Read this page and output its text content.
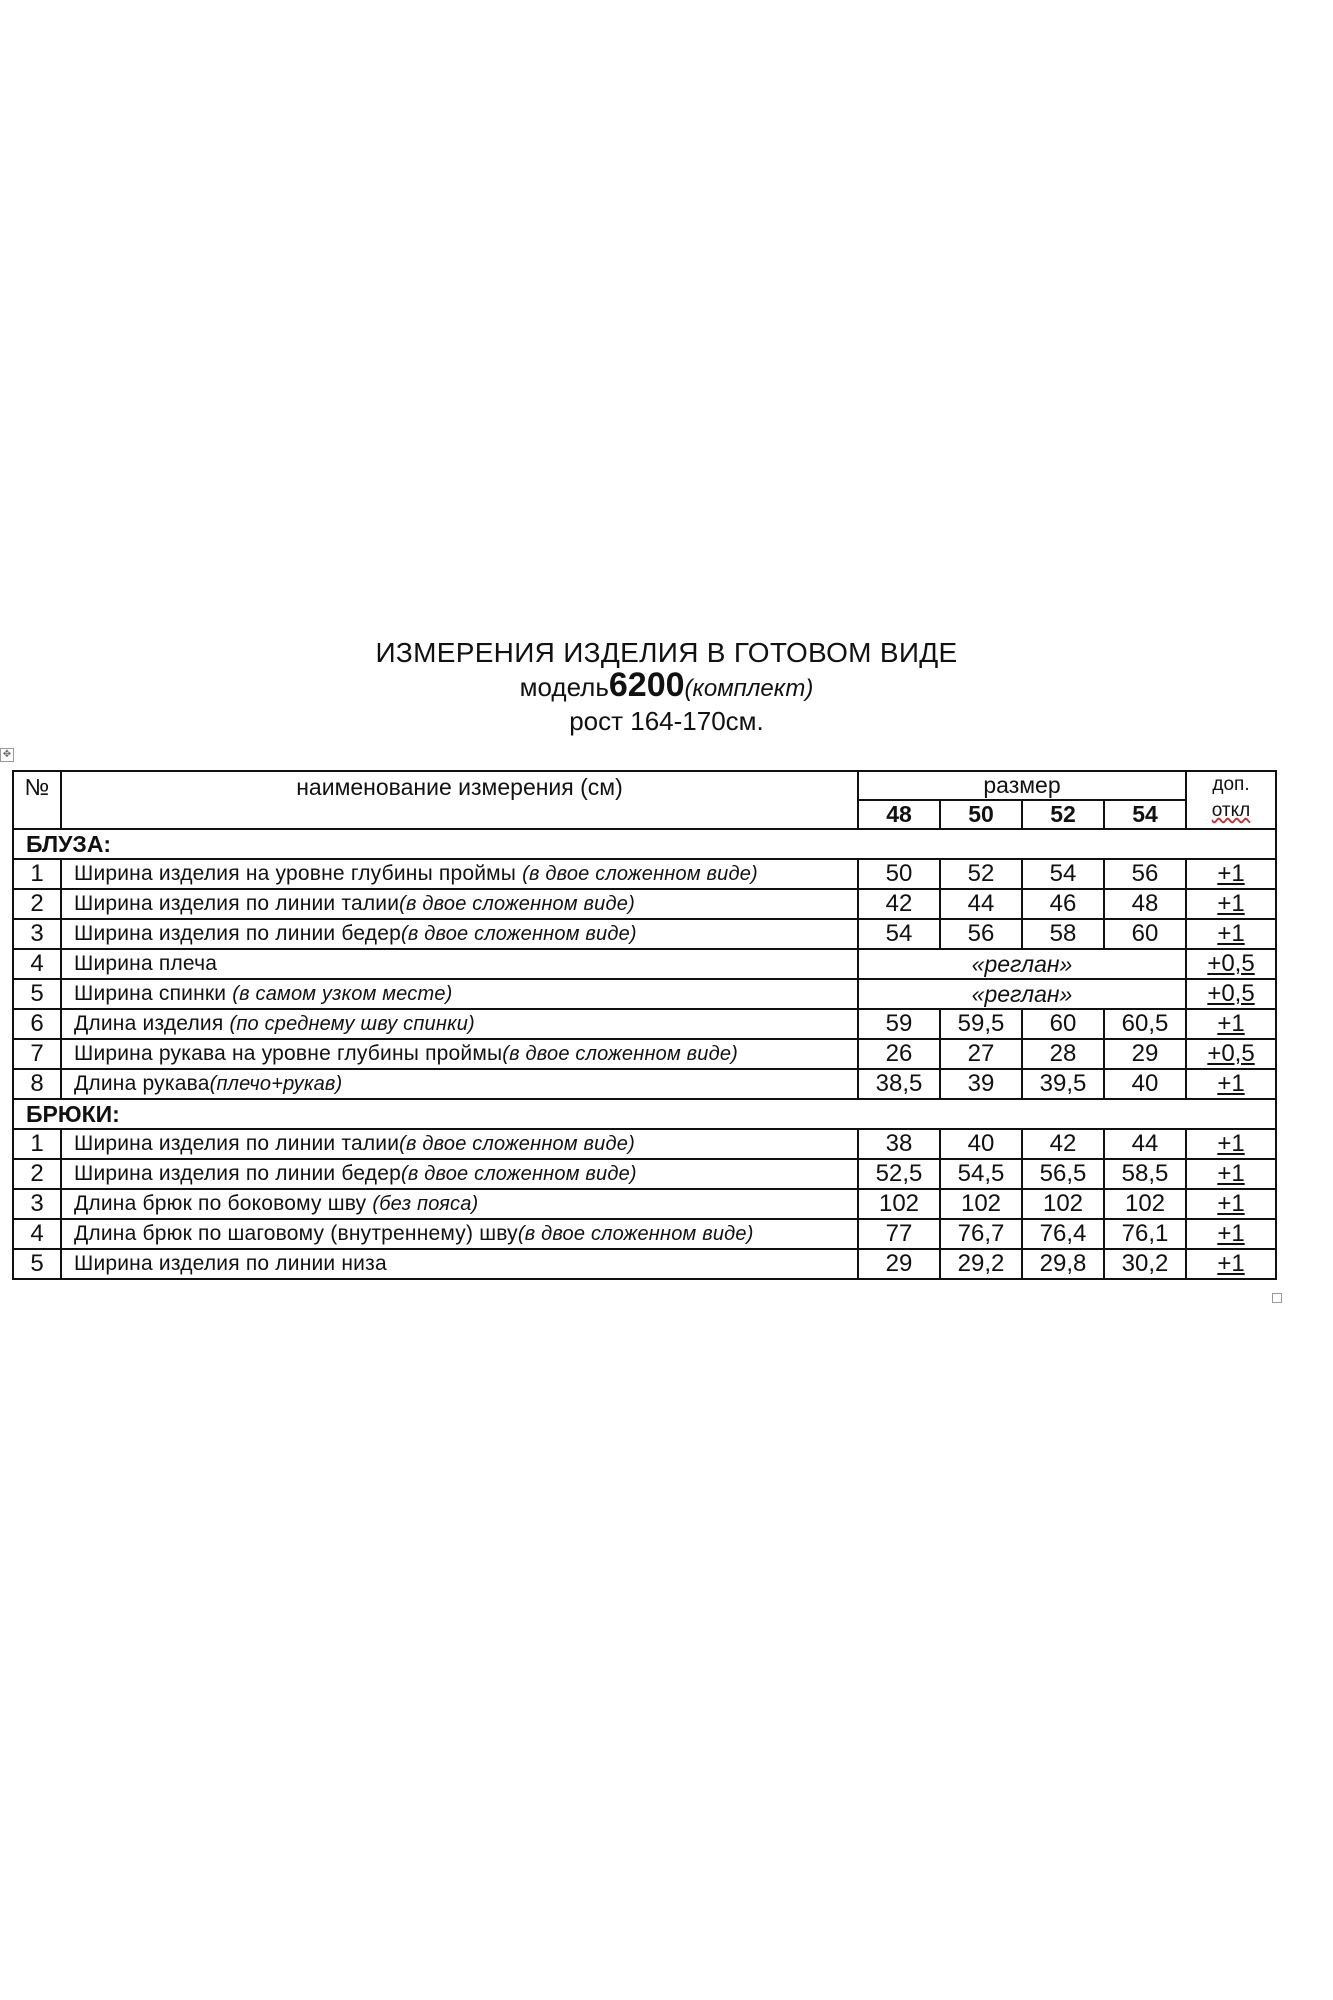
ИЗМЕРЕНИЯ ИЗДЕЛИЯ В ГОТОВОМ ВИДЕ
модель6200(комплект)
рост 164-170см.
✥
№	наименование измерения (см)	размер				доп.
откл

		48	50	52	54	
БЛУЗА:						
1	Ширина изделия на уровне глубины проймы (в двое сложенном виде)	50	52	54	56	+1
2	Ширина изделия по линии талии(в двое сложенном виде)	42	44	46	48	+1
3	Ширина изделия по линии бедер(в двое сложенном виде)	54	56	58	60	+1
4	Ширина плеча	«реглан»				+0,5
5	Ширина спинки (в самом узком месте)	«реглан»				+0,5
6	Длина изделия (по среднему шву спинки)	59	59,5	60	60,5	+1
7	Ширина рукава на уровне глубины проймы(в двое сложенном виде)	26	27	28	29	+0,5
8	Длина рукава(плечо+рукав)	38,5	39	39,5	40	+1
БРЮКИ:						
1	Ширина изделия по линии талии(в двое сложенном виде)	38	40	42	44	+1
2	Ширина изделия по линии бедер(в двое сложенном виде)	52,5	54,5	56,5	58,5	+1
3	Длина брюк по боковому шву (без пояса)	102	102	102	102	+1
4	Длина брюк по шаговому (внутреннему) шву(в двое сложенном виде)	77	76,7	76,4	76,1	+1
5	Ширина изделия по линии низа	29	29,2	29,8	30,2	+1
